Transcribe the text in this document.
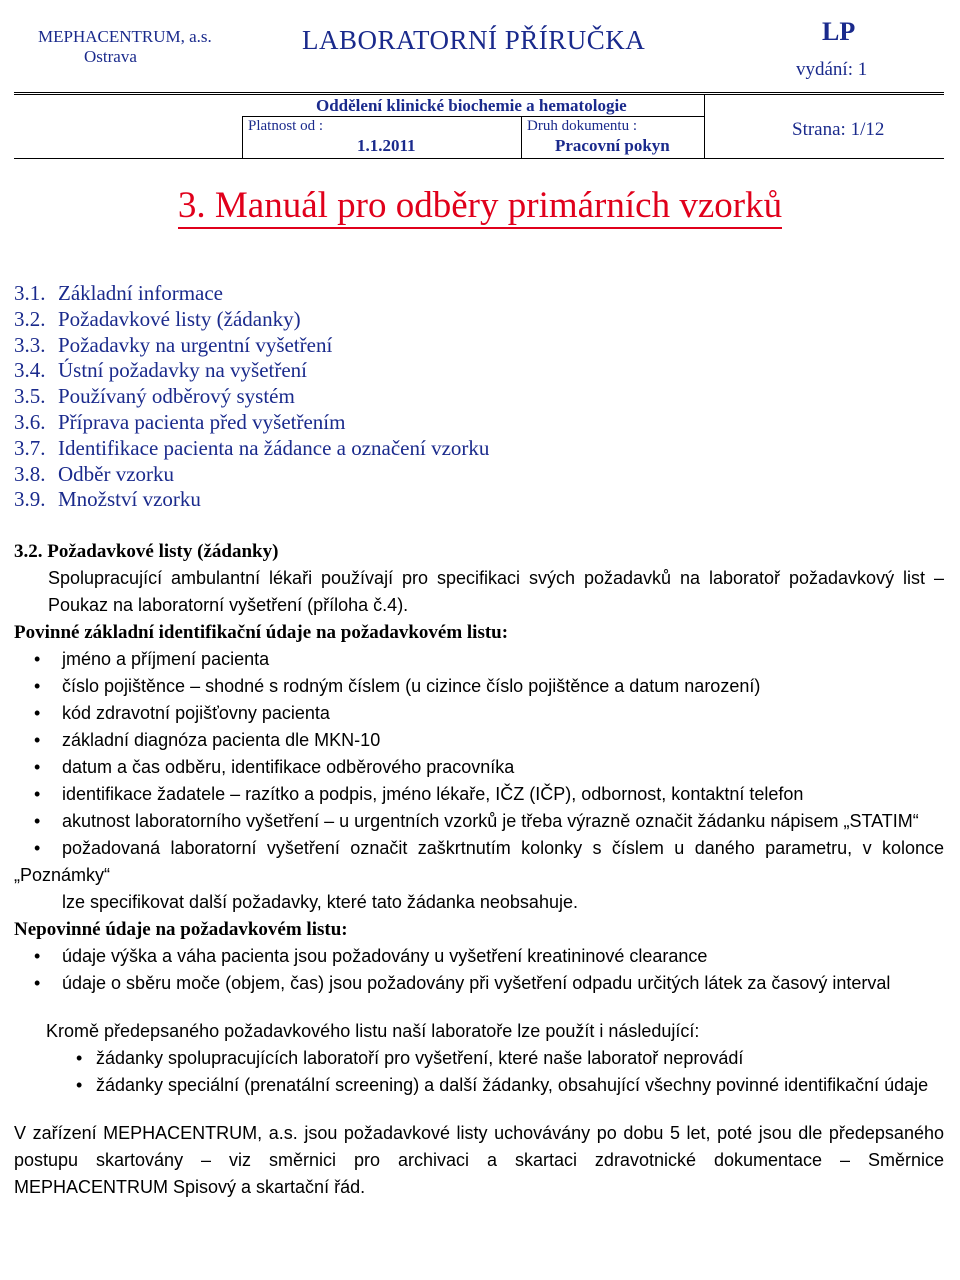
MEPHACENTRUM, a.s.
Ostrava
LABORATORNÍ PŘÍRUČKA	LP
vydání: 1
Oddělení klinické biochemie a hematologie
Platnost od :
1.1.2011
Druh dokumentu :
Pracovní pokyn
Strana: 1/12
3. Manuál pro odběry primárních vzorků
3.1. Základní informace
3.2. Požadavkové listy (žádanky)
3.3. Požadavky na urgentní vyšetření
3.4. Ústní požadavky na vyšetření
3.5. Používaný odběrový systém
3.6. Příprava pacienta před vyšetřením
3.7. Identifikace pacienta na žádance a označení vzorku
3.8. Odběr vzorku
3.9. Množství vzorku

3.2. Požadavkové listy (žádanky)

Spolupracující ambulantní lékaři používají pro specifikaci svých požadavků na laboratoř požadavkový list – Poukaz na laboratorní vyšetření (příloha č.4).

Povinné základní identifikační údaje na požadavkovém listu:

• jméno a příjmení pacienta
• číslo pojištěnce – shodné s rodným číslem (u cizince číslo pojištěnce a datum narození)
• kód zdravotní pojišťovny pacienta
• základní diagnóza pacienta dle MKN-10
• datum a čas odběru, identifikace odběrového pracovníka
• identifikace žadatele – razítko a podpis, jméno lékaře, IČZ (IČP), odbornost, kontaktní telefon
• akutnost laboratorního vyšetření – u urgentních vzorků je třeba výrazně označit žádanku nápisem „STATIM“
• požadovaná laboratorní vyšetření označit zaškrtnutím kolonky s číslem u daného parametru, v kolonce „Poznámky“

lze specifikovat další požadavky, které tato žádanka neobsahuje.

Nepovinné údaje na požadavkovém listu:

• údaje výška a váha pacienta jsou požadovány u vyšetření kreatininové clearance
• údaje o sběru moče (objem, čas) jsou požadovány při vyšetření odpadu určitých látek za časový interval

Kromě předepsaného požadavkového listu naší laboratoře lze použít i následující:

• žádanky spolupracujících laboratoří pro vyšetření, které naše laboratoř neprovádí
• žádanky speciální (prenatální screening) a další žádanky, obsahující všechny povinné identifikační údaje

V zařízení MEPHACENTRUM, a.s. jsou požadavkové listy uchovávány po dobu 5 let, poté jsou dle předepsaného postupu skartovány – viz směrnici pro archivaci a skartaci zdravotnické dokumentace – Směrnice MEPHACENTRUM Spisový a skartační řád.
